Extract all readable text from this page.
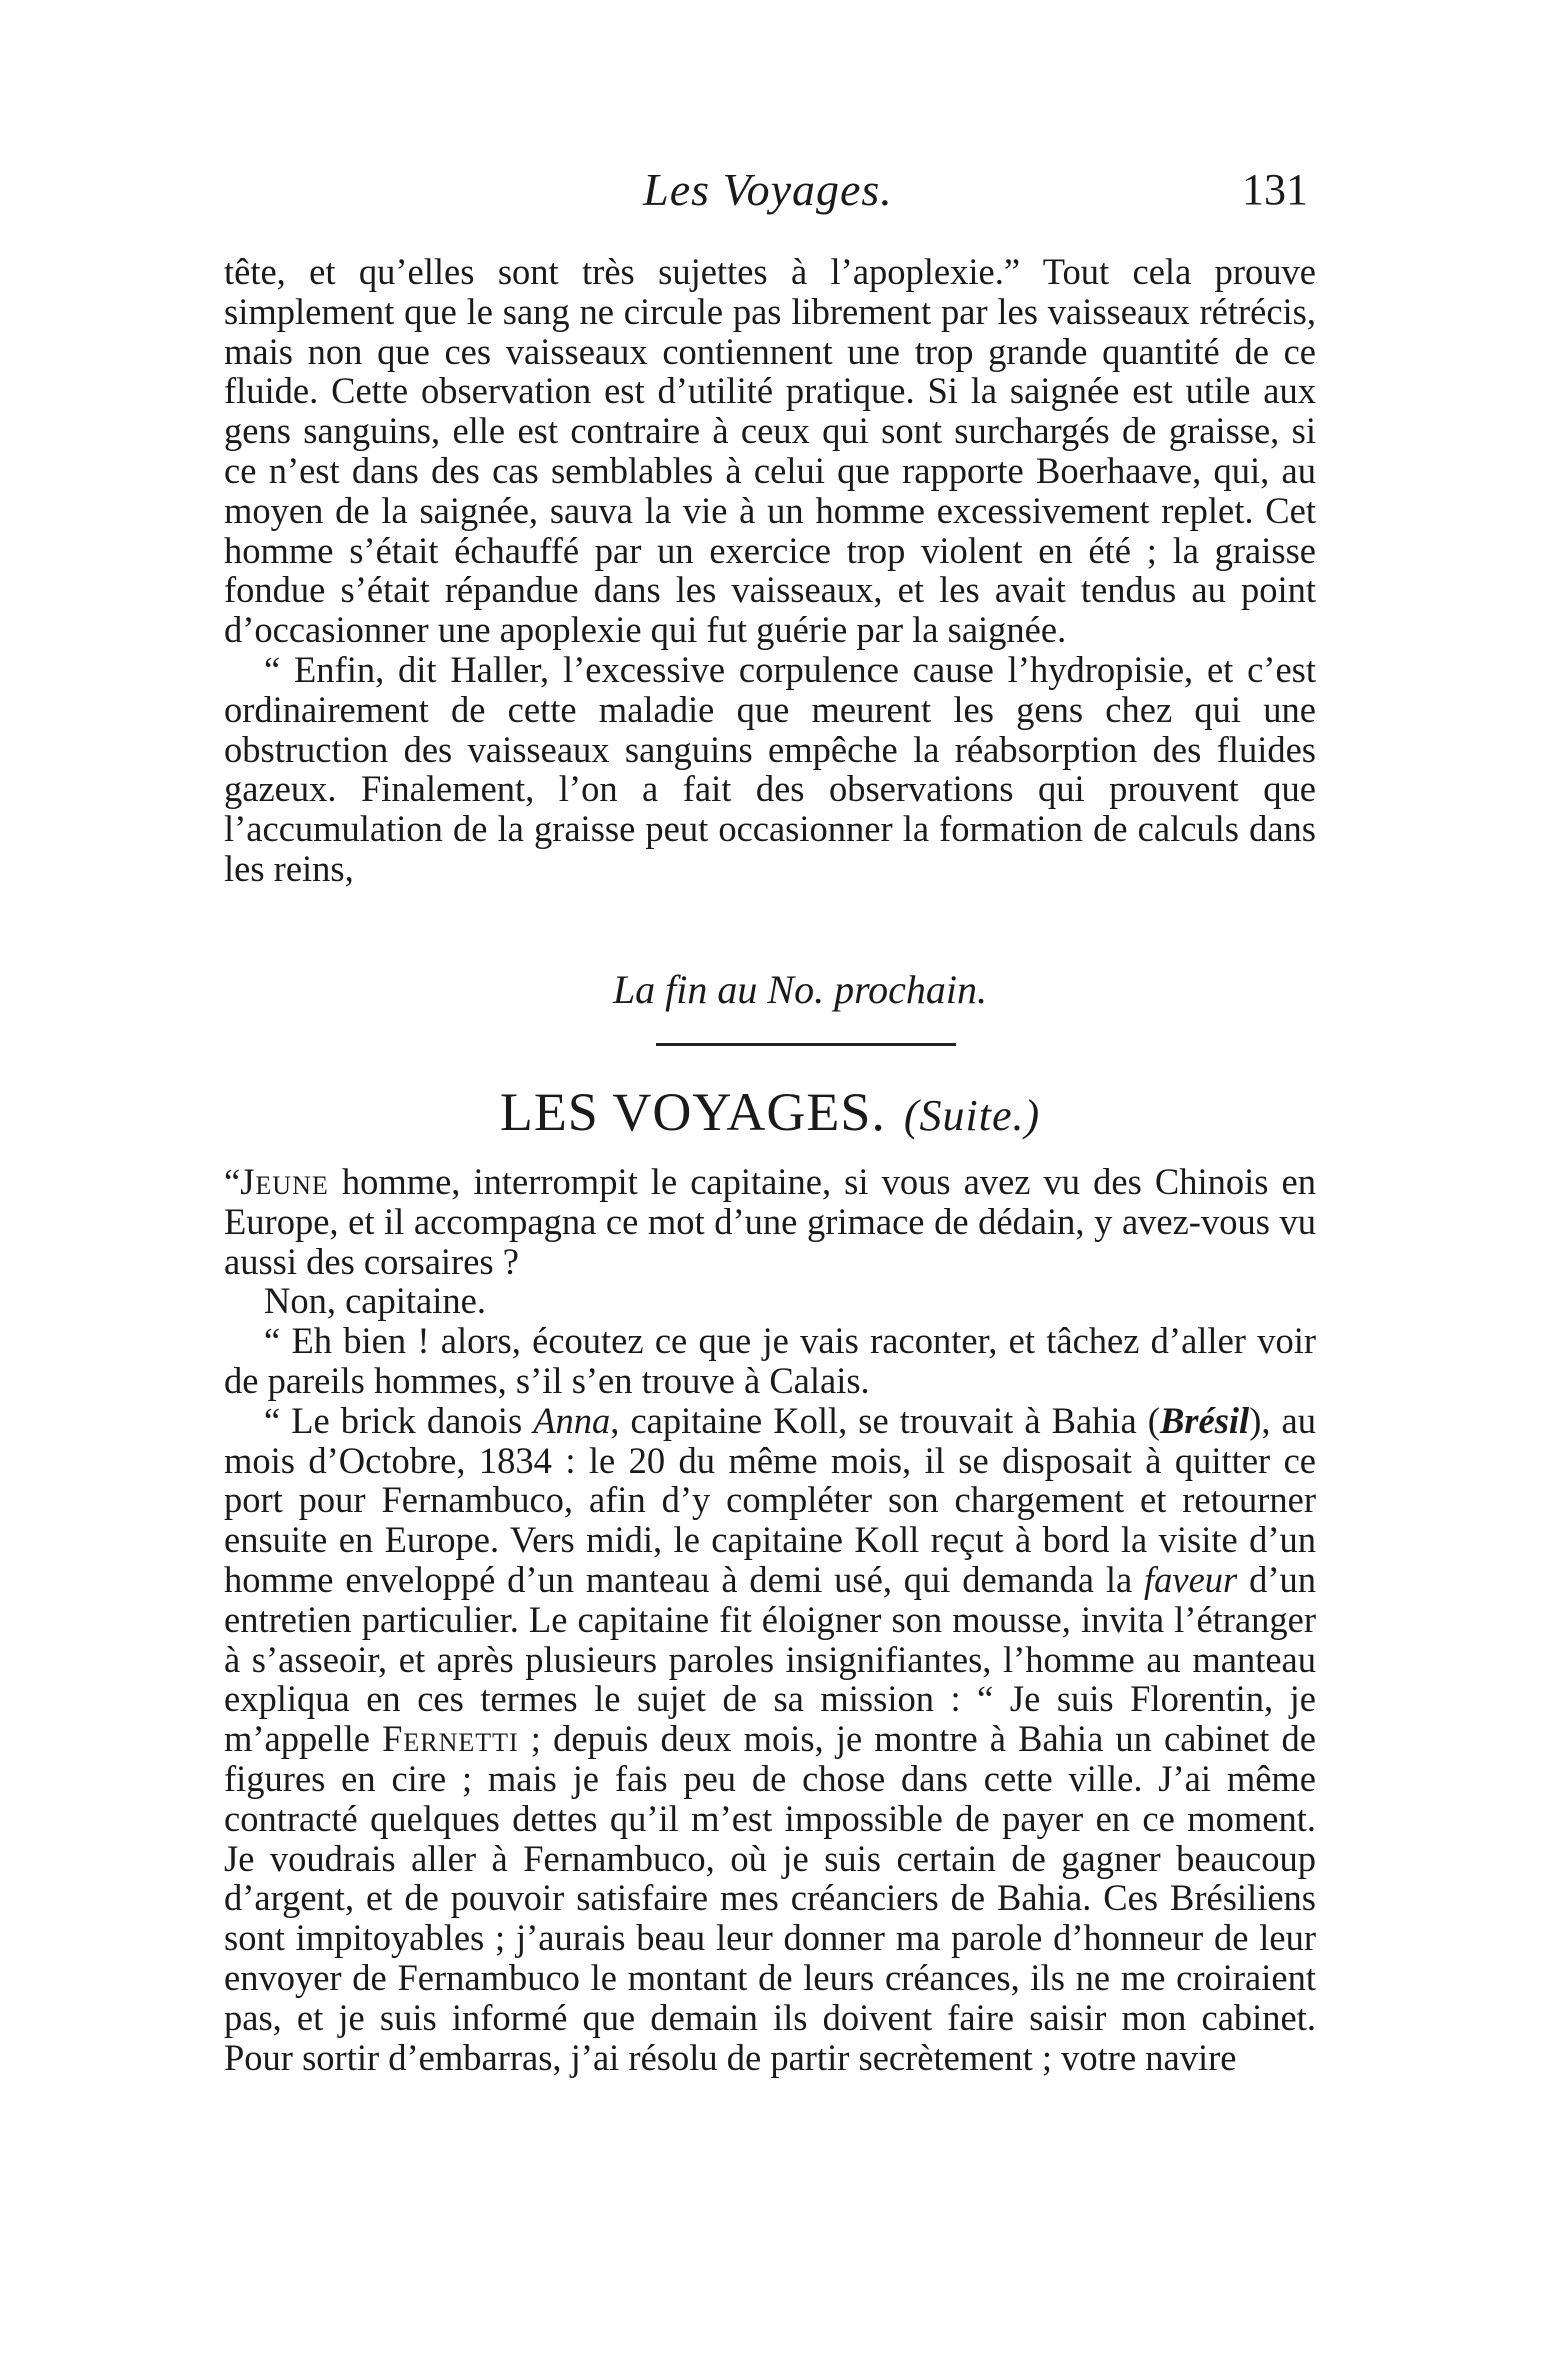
Les Voyages.	131

tête, et qu’elles sont très sujettes à l’apoplexie.” Tout cela prouve simplement que le sang ne circule pas librement par les vaisseaux rétrécis, mais non que ces vaisseaux contiennent une trop grande quantité de ce fluide. Cette observation est d’utilité pratique. Si la saignée est utile aux gens sanguins, elle est contraire à ceux qui sont surchargés de graisse, si ce n’est dans des cas semblables à celui que rapporte Boerhaave, qui, au moyen de la saignée, sauva la vie à un homme excessivement replet. Cet homme s’était échauffé par un exercice trop violent en été ; la graisse fondue s’était répandue dans les vaisseaux, et les avait tendus au point d’occasionner une apoplexie qui fut guérie par la saignée.

“ Enfin, dit Haller, l’excessive corpulence cause l’hydropisie, et c’est ordinairement de cette maladie que meurent les gens chez qui une obstruction des vaisseaux sanguins empêche la réabsorption des fluides gazeux. Finalement, l’on a fait des observations qui prouvent que l’accumulation de la graisse peut occasionner la formation de calculs dans les reins,

La fin au No. prochain.
LES VOYAGES. (Suite.)

“Jeune homme, interrompit le capitaine, si vous avez vu des Chinois en Europe, et il accompagna ce mot d’une grimace de dédain, y avez-vous vu aussi des corsaires ?

Non, capitaine.

“ Eh bien ! alors, écoutez ce que je vais raconter, et tâchez d’aller voir de pareils hommes, s’il s’en trouve à Calais.

“ Le brick danois Anna, capitaine Koll, se trouvait à Bahia (Brésil), au mois d’Octobre, 1834 : le 20 du même mois, il se disposait à quitter ce port pour Fernambuco, afin d’y compléter son chargement et retourner ensuite en Europe. Vers midi, le capitaine Koll reçut à bord la visite d’un homme enveloppé d’un manteau à demi usé, qui demanda la faveur d’un entretien particulier. Le capitaine fit éloigner son mousse, invita l’étranger à s’asseoir, et après plusieurs paroles insignifiantes, l’homme au manteau expliqua en ces termes le sujet de sa mission : “ Je suis Florentin, je m’appelle Fernetti ; depuis deux mois, je montre à Bahia un cabinet de figures en cire ; mais je fais peu de chose dans cette ville. J’ai même contracté quelques dettes qu’il m’est impossible de payer en ce moment. Je voudrais aller à Fernambuco, où je suis certain de gagner beaucoup d’argent, et de pouvoir satisfaire mes créanciers de Bahia. Ces Brésiliens sont impitoyables ; j’aurais beau leur donner ma parole d’honneur de leur envoyer de Fernambuco le montant de leurs créances, ils ne me croiraient pas, et je suis informé que demain ils doivent faire saisir mon cabinet. Pour sortir d’embarras, j’ai résolu de partir secrètement ; votre navire
